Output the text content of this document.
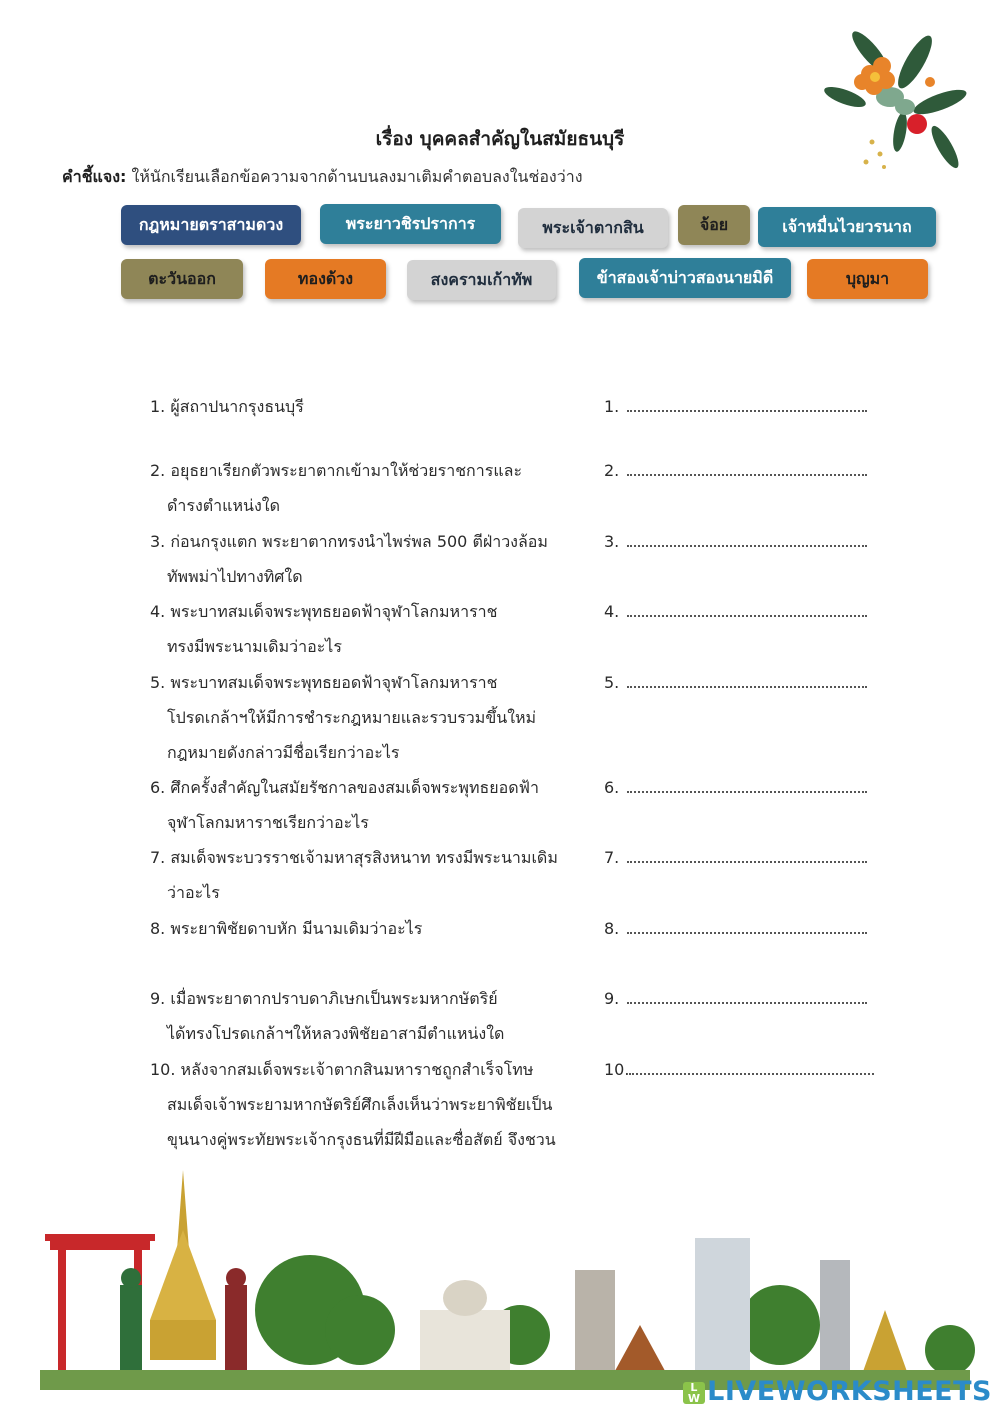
เรื่อง บุคคลสำคัญในสมัยธนบุรี
คำชี้แจง: ให้นักเรียนเลือกข้อความจากด้านบนลงมาเติมคำตอบลงในช่องว่าง
กฎหมายตราสามดวง	พระยาวชิรปราการ	พระเจ้าตากสิน	จ้อย	เจ้าหมื่นไวยวรนาถ
ตะวันออก	ทองด้วง	สงครามเก้าทัพ	ข้าสองเจ้าบ่าวสองนายมิดี	บุญมา
1. ผู้สถาปนากรุงธนบุรี	1.
2. อยุธยาเรียกตัวพระยาตากเข้ามาให้ช่วยราชการและ
ดำรงตำแหน่งใด
2.
3. ก่อนกรุงแตก พระยาตากทรงนำไพร่พล 500 ตีฝ่าวงล้อม
ทัพพม่าไปทางทิศใด
3.
4. พระบาทสมเด็จพระพุทธยอดฟ้าจุฬาโลกมหาราช
ทรงมีพระนามเดิมว่าอะไร
4.
5. พระบาทสมเด็จพระพุทธยอดฟ้าจุฬาโลกมหาราช
โปรดเกล้าฯให้มีการชำระกฎหมายและรวบรวมขึ้นใหม่
กฎหมายดังกล่าวมีชื่อเรียกว่าอะไร
5.
6. ศึกครั้งสำคัญในสมัยรัชกาลของสมเด็จพระพุทธยอดฟ้า
จุฬาโลกมหาราชเรียกว่าอะไร
6.
7. สมเด็จพระบวรราชเจ้ามหาสุรสิงหนาท ทรงมีพระนามเดิม
ว่าอะไร
7.
8. พระยาพิชัยดาบหัก มีนามเดิมว่าอะไร	8.
9. เมื่อพระยาตากปราบดาภิเษกเป็นพระมหากษัตริย์
ได้ทรงโปรดเกล้าฯให้หลวงพิชัยอาสามีตำแหน่งใด
9.
10. หลังจากสมเด็จพระเจ้าตากสินมหาราชถูกสำเร็จโทษ
สมเด็จเจ้าพระยามหากษัตริย์ศึกเล็งเห็นว่าพระยาพิชัยเป็น
ขุนนางคู่พระทัยพระเจ้ากรุงธนที่มีฝีมือและซื่อสัตย์ จึงชวน
10.
L
W LIVEWORKSHEETS
